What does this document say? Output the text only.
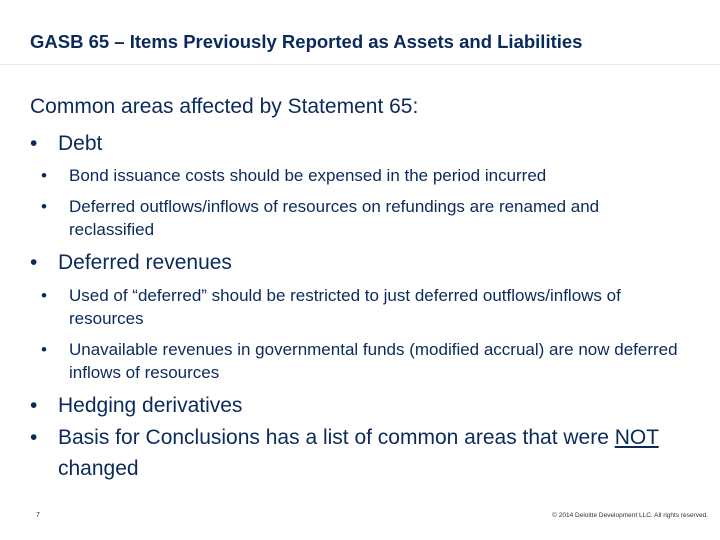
GASB 65 – Items Previously Reported as Assets and Liabilities
Common areas affected by Statement 65:
• Debt
•	Bond issuance costs should be expensed in the period incurred
•	Deferred outflows/inflows of resources on refundings are renamed and reclassified
• Deferred revenues
•	Used of “deferred” should be restricted to just deferred outflows/inflows of resources
•	Unavailable revenues in governmental funds (modified accrual) are now deferred inflows of resources
• Hedging derivatives
• Basis for Conclusions has a list of common areas that were NOT changed
7	© 2014 Deloitte Development LLC. All rights reserved.
